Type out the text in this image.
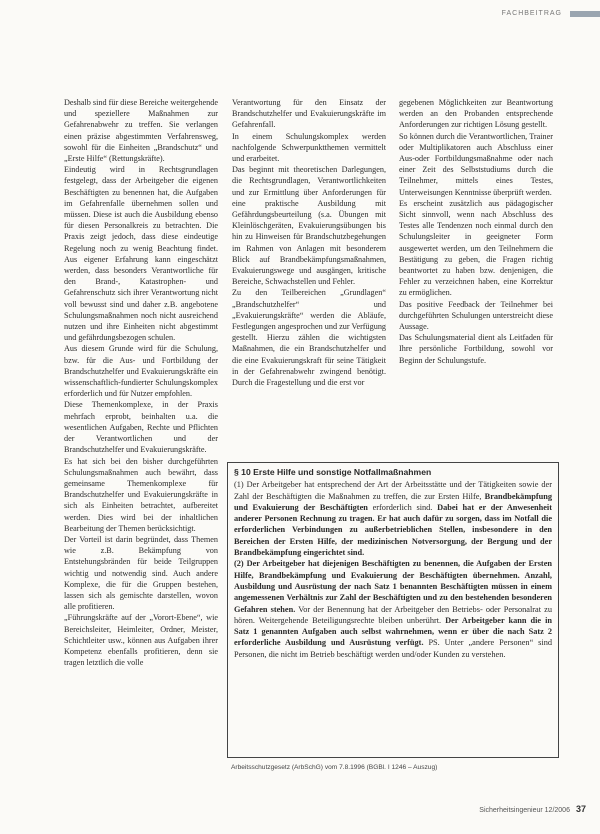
FACHBEITRAG

Deshalb sind für diese Bereiche weitergehende und speziellere Maßnahmen zur Gefahrenabwehr zu treffen. Sie verlangen einen präzise abgestimmten Verfahrensweg, sowohl für die Einheiten „Brandschutz“ und „Erste Hilfe“ (Rettungskräfte).

Eindeutig wird in Rechtsgrundlagen festgelegt, dass der Arbeitgeber die eigenen Beschäftigten zu benennen hat, die Aufgaben im Gefahrenfalle übernehmen sollen und müssen. Diese ist auch die Ausbildung ebenso für diesen Personalkreis zu betrachten. Die Praxis zeigt jedoch, dass diese eindeutige Regelung noch zu wenig Beachtung findet. Aus eigener Erfahrung kann eingeschätzt werden, dass besonders Verantwortliche für den Brand-, Katastrophen- und Gefahrenschutz sich ihrer Verantwortung nicht voll bewusst sind und daher z.B. angebotene Schulungsmaßnahmen noch nicht ausreichend nutzen und ihre Einheiten nicht abgestimmt und gefährdungsbezogen schulen.

Aus diesem Grunde wird für die Schulung, bzw. für die Aus- und Fortbildung der Brandschutzhelfer und Evakuierungskräfte ein wissenschaftlich-fundierter Schulungskomplex erforderlich und für Nutzer empfohlen.

Diese Themenkomplexe, in der Praxis mehrfach erprobt, beinhalten u.a. die wesentlichen Aufgaben, Rechte und Pflichten der Verantwortlichen und der Brandschutzhelfer und Evakuierungskräfte.

Es hat sich bei den bisher durchgeführten Schulungsmaßnahmen auch bewährt, dass gemeinsame Themenkomplexe für Brandschutzhelfer und Evakuierungskräfte in sich als Einheiten betrachtet, aufbereitet werden. Dies wird bei der inhaltlichen Bearbeitung der Themen berücksichtigt.

Der Vorteil ist darin begründet, dass Themen wie z.B. Bekämpfung von Entstehungsbränden für beide Teilgruppen wichtig und notwendig sind. Auch andere Komplexe, die für die Gruppen bestehen, lassen sich als gemischte darstellen, wovon alle profitieren.

„Führungskräfte auf der „Vorort-Ebene“, wie Bereichsleiter, Heimleiter, Ordner, Meister, Schichtleiter usw., können aus Aufgaben ihrer Kompetenz ebenfalls profitieren, denn sie tragen letztlich die volle

Verantwortung für den Einsatz der Brandschutzhelfer und Evakuierungskräfte im Gefahrenfall.

In einem Schulungskomplex werden nachfolgende Schwerpunktthemen vermittelt und erarbeitet.

Das beginnt mit theoretischen Darlegungen, die Rechtsgrundlagen, Verantwortlichkeiten und zur Ermittlung über Anforderungen für eine praktische Ausbildung mit Gefährdungsbeurteilung (s.a. Übungen mit Kleinlöschgeräten, Evakuierungsübungen bis hin zu Hinweisen für Brandschutzbegehungen im Rahmen von Anlagen mit besonderem Blick auf Brandbekämpfungsmaßnahmen, Evakuierungswege und ausgängen, kritische Bereiche, Schwachstellen und Fehler.

Zu den Teilbereichen „Grundlagen“ „Brandschutzhelfer“ und „Evakuierungskräfte“ werden die Abläufe, Festlegungen angesprochen und zur Verfügung gestellt. Hierzu zählen die wichtigsten Maßnahmen, die ein Brandschutzhelfer und die eine Evakuierungskraft für seine Tätigkeit in der Gefahrenabwehr zwingend benötigt. Durch die Fragestellung und die erst vor

gegebenen Möglichkeiten zur Beantwortung werden an den Probanden entsprechende Anforderungen zur richtigen Lösung gestellt.

So können durch die Verantwortlichen, Trainer oder Multiplikatoren auch Abschluss einer Aus-oder Fortbildungsmaßnahme oder nach einer Zeit des Selbststudiums durch die Teilnehmer, mittels eines Testes, Unterweisungen Kenntnisse überprüft werden.

Es erscheint zusätzlich aus pädagogischer Sicht sinnvoll, wenn nach Abschluss des Testes alle Tendenzen noch einmal durch den Schulungsleiter in geeigneter Form ausgewertet werden, um den Teilnehmern die Bestätigung zu geben, die Fragen richtig beantwortet zu haben bzw. denjenigen, die Fehler zu verzeichnen haben, eine Korrektur zu ermöglichen.

Das positive Feedback der Teilnehmer bei durchgeführten Schulungen unterstreicht diese Aussage.

Das Schulungsmaterial dient als Leitfaden für Ihre persönliche Fortbildung, sowohl vor Beginn der Schulungstufe.

§ 10 Erste Hilfe und sonstige Notfallmaßnahmen

(1) Der Arbeitgeber hat entsprechend der Art der Arbeitsstätte und der Tätigkeiten sowie der Zahl der Beschäftigten die Maßnahmen zu treffen, die zur Ersten Hilfe, Brandbekämpfung und Evakuierung der Beschäftigten erforderlich sind. Dabei hat er der Anwesenheit anderer Personen Rechnung zu tragen. Er hat auch dafür zu sorgen, dass im Notfall die erforderlichen Verbindungen zu außerbetrieblichen Stellen, insbesondere in den Bereichen der Ersten Hilfe, der medizinischen Notversorgung, der Bergung und der Brandbekämpfung eingerichtet sind.

(2) Der Arbeitgeber hat diejenigen Beschäftigten zu benennen, die Aufgaben der Ersten Hilfe, Brandbekämpfung und Evakuierung der Beschäftigten übernehmen. Anzahl, Ausbildung und Ausrüstung der nach Satz 1 benannten Beschäftigten müssen in einem angemessenen Verhältnis zur Zahl der Beschäftigten und zu den bestehenden besonderen Gefahren stehen. Vor der Benennung hat der Arbeitgeber den Betriebs- oder Personalrat zu hören. Weitergehende Beteiligungsrechte bleiben unberührt. Der Arbeitgeber kann die in Satz 1 genannten Aufgaben auch selbst wahrnehmen, wenn er über die nach Satz 2 erforderliche Ausbildung und Ausrüstung verfügt. PS. Unter „andere Personen“ sind Personen, die nicht im Betrieb beschäftigt werden und/oder Kunden zu verstehen.

Arbeitsschutzgesetz (ArbSchG) vom 7.8.1996 (BGBl. I 1246 – Auszug)
Sicherheitsingenieur 12/2006 37
